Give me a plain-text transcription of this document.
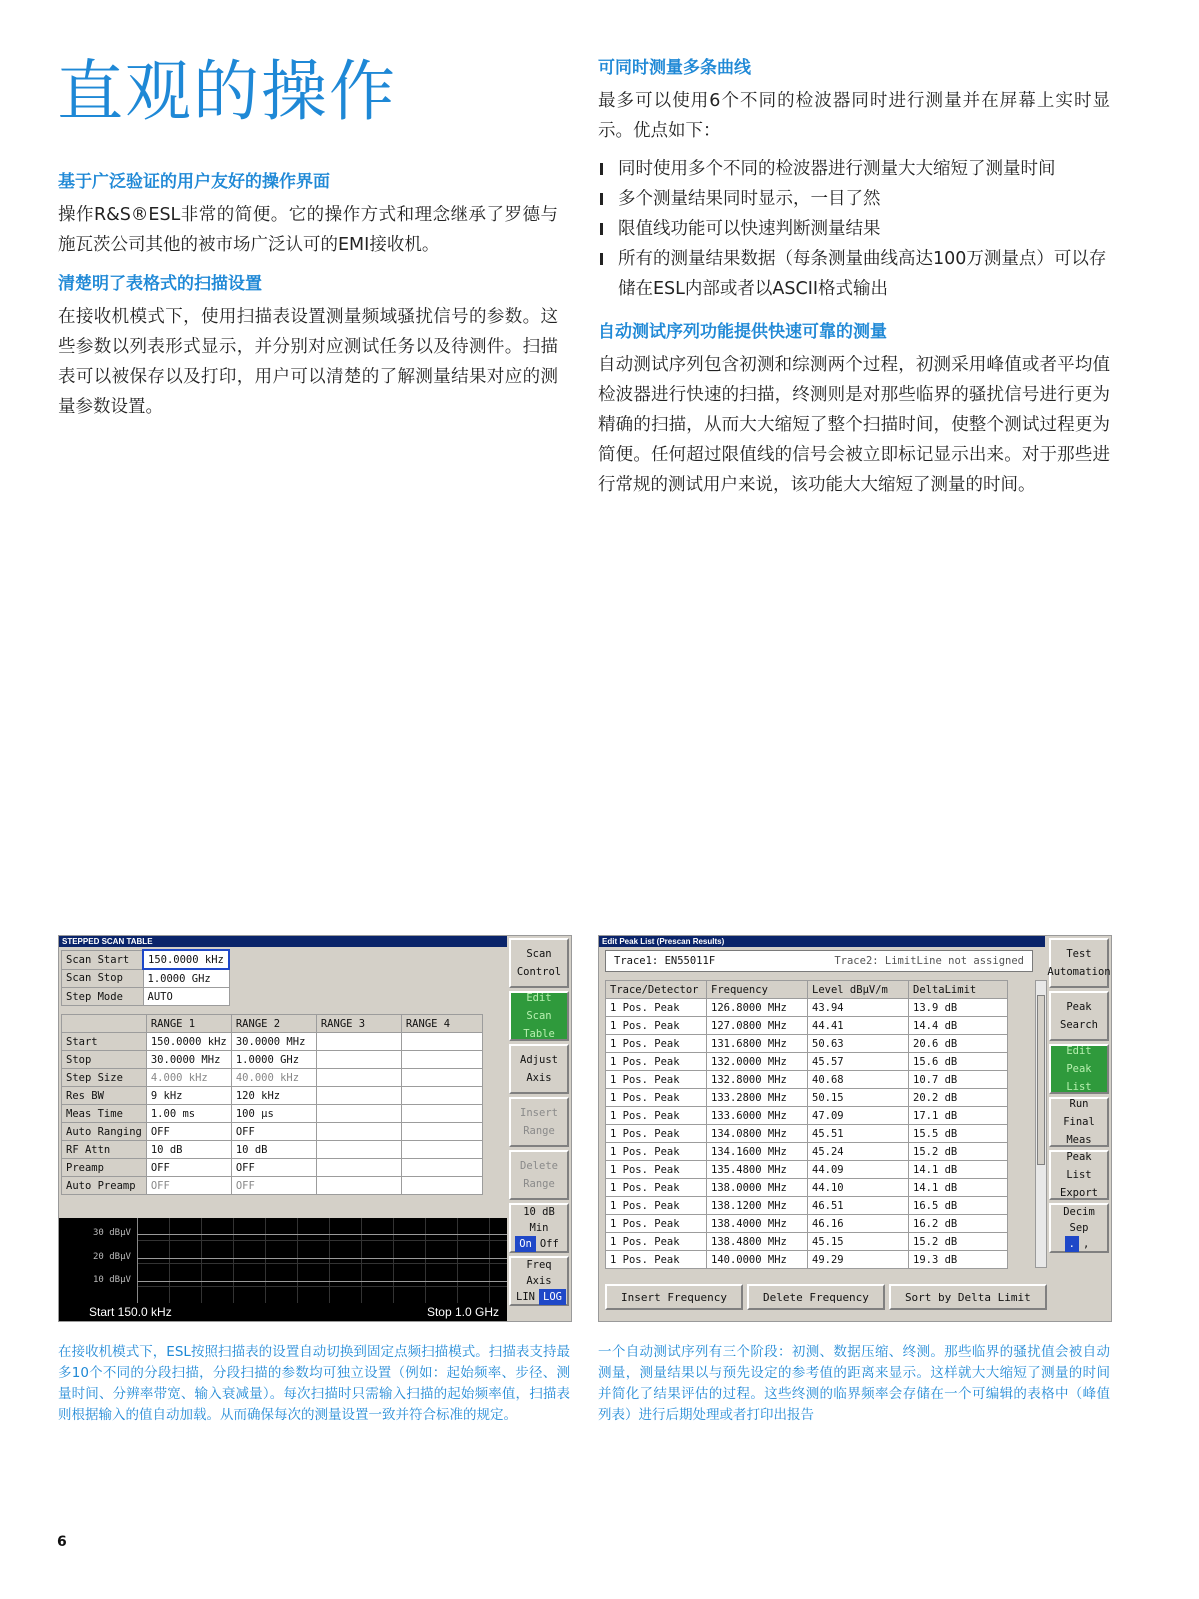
直观的操作
基于广泛验证的用户友好的操作界面

操作R&S®ESL非常的简便。它的操作方式和理念继承了罗德与施瓦茨公司其他的被市场广泛认可的EMI接收机。

清楚明了表格式的扫描设置

在接收机模式下，使用扫描表设置测量频域骚扰信号的参数。这些参数以列表形式显示，并分别对应测试任务以及待测件。扫描表可以被保存以及打印，用户可以清楚的了解测量结果对应的测量参数设置。

可同时测量多条曲线

最多可以使用6个不同的检波器同时进行测量并在屏幕上实时显示。优点如下：

同时使用多个不同的检波器进行测量大大缩短了测量时间
多个测量结果同时显示，一目了然
限值线功能可以快速判断测量结果
所有的测量结果数据（每条测量曲线高达100万测量点）可以存储在ESL内部或者以ASCII格式输出
自动测试序列功能提供快速可靠的测量

自动测试序列包含初测和综测两个过程，初测采用峰值或者平均值检波器进行快速的扫描，终测则是对那些临界的骚扰信号进行更为精确的扫描，从而大大缩短了整个扫描时间，使整个测试过程更为简便。任何超过限值线的信号会被立即标记显示出来。对于那些进行常规的测试用户来说，该功能大大缩短了测量的时间。

STEPPED SCAN TABLE
Scan Start	150.0000 kHz
Scan Stop	1.0000 GHz
Step Mode	AUTO
	RANGE 1	RANGE 2	RANGE 3	RANGE 4
Start	150.0000 kHz	30.0000 MHz		
Stop	30.0000 MHz	1.0000 GHz		
Step Size	4.000 kHz	40.000 kHz		
Res BW	9 kHz	120 kHz		
Meas Time	1.00 ms	100 µs		
Auto Ranging	OFF	OFF		
RF Attn	10 dB	10 dB		
Preamp	OFF	OFF		
Auto Preamp	OFF	OFF		
30 dBµV
20 dBµV
10 dBµV
Start 150.0 kHz	Stop 1.0 GHz
Scan
Control
Edit Scan
Table
Adjust
Axis
Insert
Range
Delete
Range
10 dB Min
On Off
Freq Axis
LIN LOG
Edit Peak List (Prescan Results)
Trace1: EN55011F	Trace2: LimitLine not assigned
Trace/Detector	Frequency	Level dBµV/m	DeltaLimit
1 Pos. Peak	126.8000 MHz	43.94	13.9 dB
1 Pos. Peak	127.0800 MHz	44.41	14.4 dB
1 Pos. Peak	131.6800 MHz	50.63	20.6 dB
1 Pos. Peak	132.0000 MHz	45.57	15.6 dB
1 Pos. Peak	132.8000 MHz	40.68	10.7 dB
1 Pos. Peak	133.2800 MHz	50.15	20.2 dB
1 Pos. Peak	133.6000 MHz	47.09	17.1 dB
1 Pos. Peak	134.0800 MHz	45.51	15.5 dB
1 Pos. Peak	134.1600 MHz	45.24	15.2 dB
1 Pos. Peak	135.4800 MHz	44.09	14.1 dB
1 Pos. Peak	138.0000 MHz	44.10	14.1 dB
1 Pos. Peak	138.1200 MHz	46.51	16.5 dB
1 Pos. Peak	138.4000 MHz	46.16	16.2 dB
1 Pos. Peak	138.4800 MHz	45.15	15.2 dB
1 Pos. Peak	140.0000 MHz	49.29	19.3 dB
Insert Frequency	Delete Frequency	Sort by Delta Limit
Test
Automation
Peak
Search
Edit
Peak List
Run Final
Meas
Peak List
Export
Decim Sep
. ,

在接收机模式下，ESL按照扫描表的设置自动切换到固定点频扫描模式。扫描表支持最多10个不同的分段扫描，分段扫描的参数均可独立设置（例如：起始频率、步径、测量时间、分辨率带宽、输入衰减量）。每次扫描时只需输入扫描的起始频率值，扫描表则根据输入的值自动加载。从而确保每次的测量设置一致并符合标准的规定。

一个自动测试序列有三个阶段：初测、数据压缩、终测。那些临界的骚扰值会被自动测量，测量结果以与预先设定的参考值的距离来显示。这样就大大缩短了测量的时间并简化了结果评估的过程。这些终测的临界频率会存储在一个可编辑的表格中（峰值列表）进行后期处理或者打印出报告

6
